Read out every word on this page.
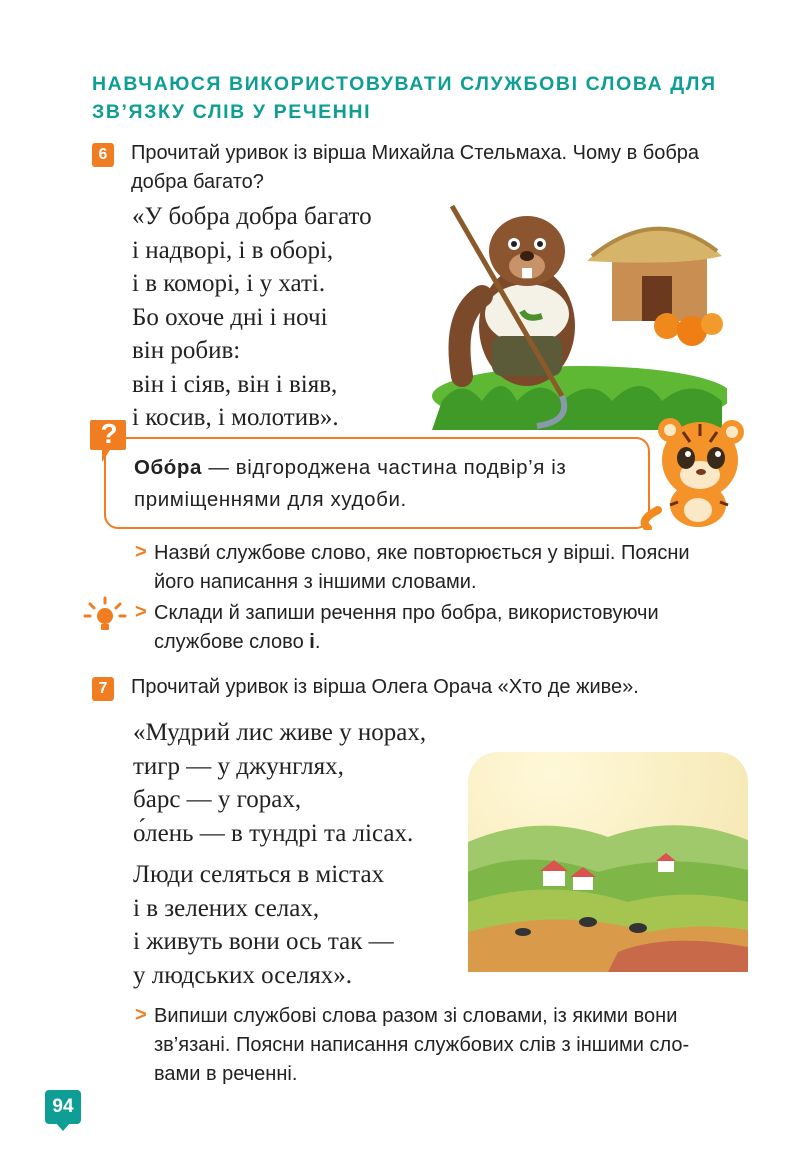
НАВЧАЮСЯ ВИКОРИСТОВУВАТИ СЛУЖБОВІ СЛОВА ДЛЯ
ЗВ’ЯЗКУ СЛІВ У РЕЧЕННІ
6	Прочитай уривок із вірша Михайла Стельмаха. Чому в бобра
добра багато?
«У бобра добра багато
і надворі, і в оборі,
і в коморі, і у хаті.
Бо охоче дні і ночі
він робив:
він і сіяв, він і віяв,
і косив, і молотив».
?
Обо́ра — відгороджена частина подвір’я із
приміщеннями для худоби.
> Назви́ службове слово, яке повторюється у вірші. Поясни
його написання з іншими словами.
> Склади й запиши речення про бобра, використовуючи
службове слово і.
7	Прочитай уривок із вірша Олега Орача «Хто де живе».
«Мудрий лис живе у норах,
тигр — у джунглях,
барс — у горах,
о́лень — в тундрі та лісах.
Люди селяться в містах
і в зелених селах,
і живуть вони ось так —
у людських оселях».
> Випиши службові слова разом зі словами, із якими вони
зв’язані. Поясни написання службових слів з іншими сло-
вами в реченні.
94
